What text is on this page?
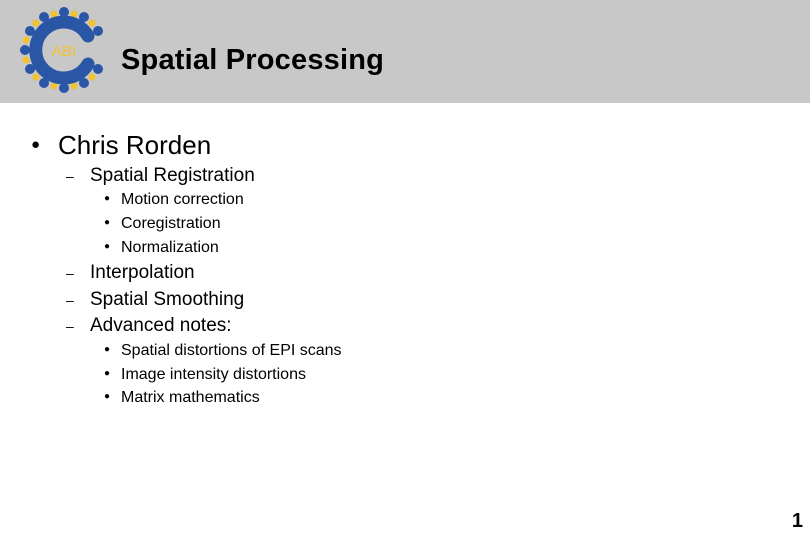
ABI Spatial Processing
● Chris Rorden
– Spatial Registration
● Motion correction
● Coregistration
● Normalization
– Interpolation
– Spatial Smoothing
– Advanced notes:
● Spatial distortions of EPI scans
● Image intensity distortions
● Matrix mathematics
1
